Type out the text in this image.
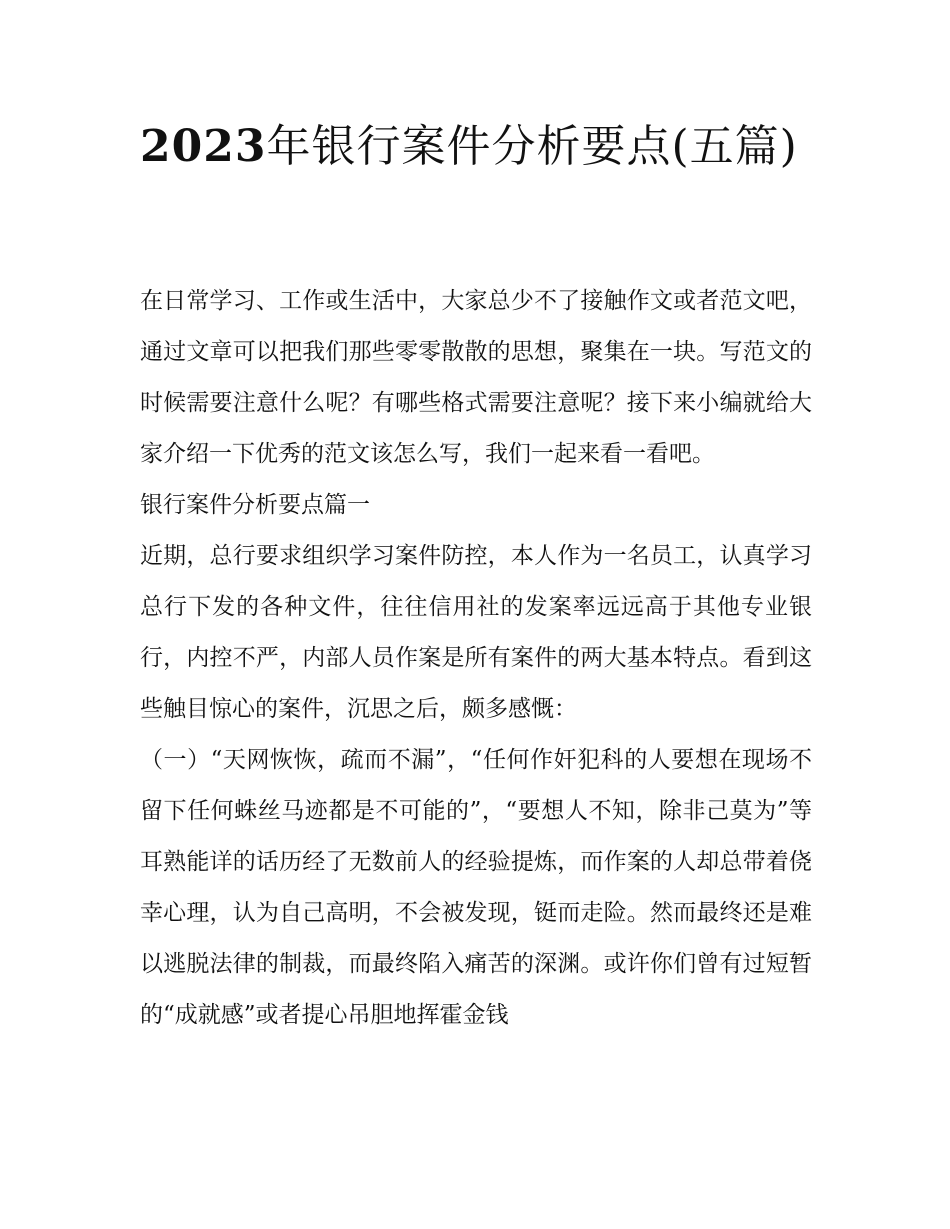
2023年银行案件分析要点(五篇)

在日常学习、工作或生活中，大家总少不了接触作文或者范文吧，通过文章可以把我们那些零零散散的思想，聚集在一块。写范文的时候需要注意什么呢？有哪些格式需要注意呢？接下来小编就给大家介绍一下优秀的范文该怎么写，我们一起来看一看吧。

银行案件分析要点篇一

近期，总行要求组织学习案件防控，本人作为一名员工，认真学习总行下发的各种文件，往往信用社的发案率远远高于其他专业银行，内控不严，内部人员作案是所有案件的两大基本特点。看到这些触目惊心的案件，沉思之后，颇多感慨：

（一）“天网恢恢，疏而不漏”，“任何作奸犯科的人要想在现场不留下任何蛛丝马迹都是不可能的”，“要想人不知，除非己莫为”等耳熟能详的话历经了无数前人的经验提炼，而作案的人却总带着侥幸心理，认为自己高明，不会被发现，铤而走险。然而最终还是难以逃脱法律的制裁，而最终陷入痛苦的深渊。或许你们曾有过短暂的“成就感”或者提心吊胆地挥霍金钱
